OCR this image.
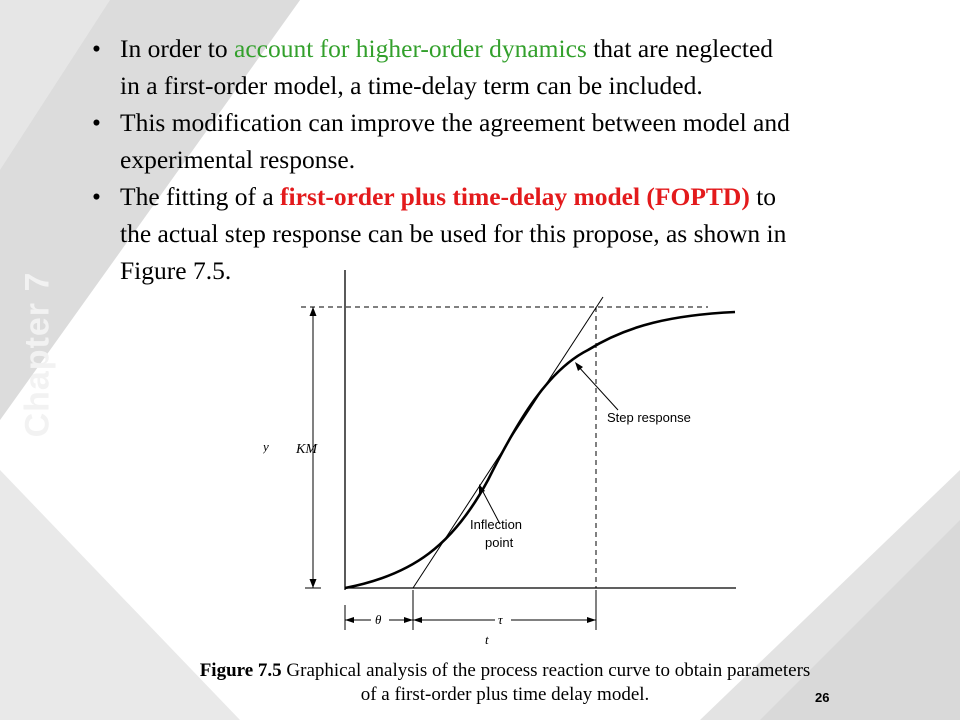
Chapter 7
• In order to account for higher-order dynamics that are neglected
in a first-order model, a time-delay term can be included.
• This modification can improve the agreement between model and
experimental response.
• The fitting of a first-order plus time-delay model (FOPTD) to
the actual step response can be used for this propose, as shown in
Figure 7.5.
KM
y
Step response
Inflection
point
θ	τ
t
Figure 7.5 Graphical analysis of the process reaction curve to obtain parameters
of a first-order plus time delay model.	26
